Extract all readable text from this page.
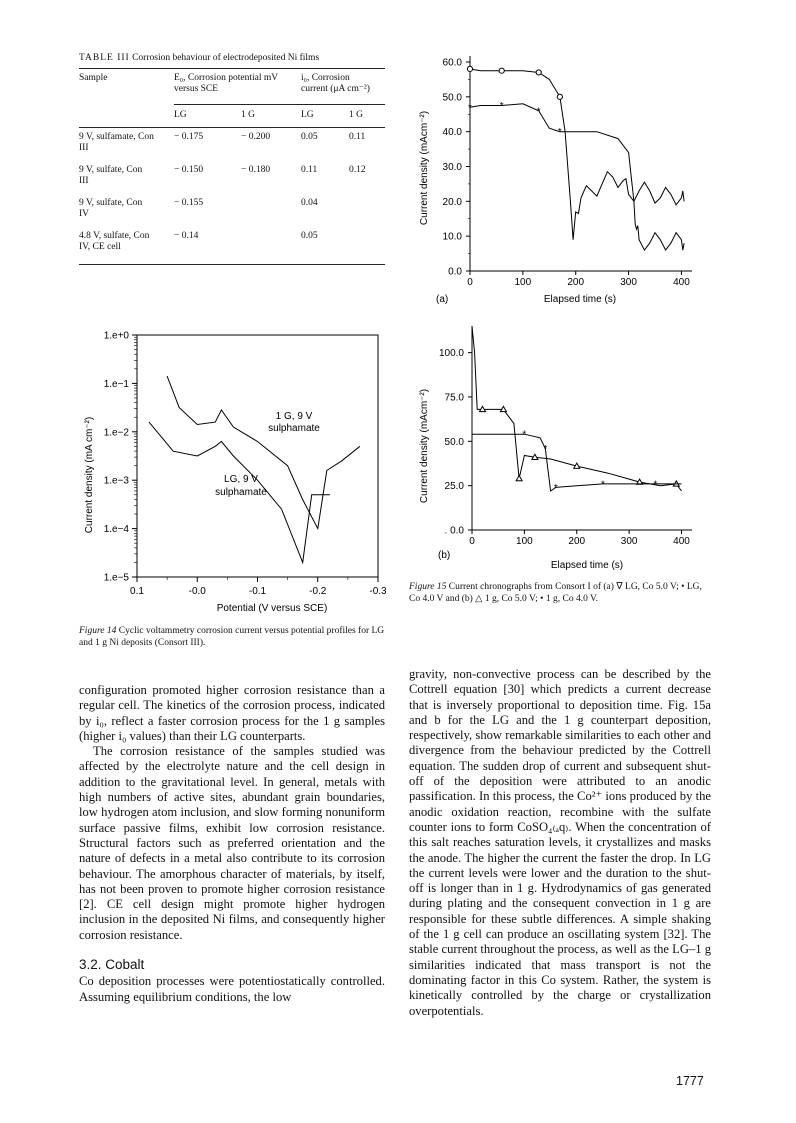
TABLE III Corrosion behaviour of electrodeposited Ni films
Sample	E₀, Corrosion potential mV versus SCE		i₀, Corrosion current (μA cm⁻²)	

	LG	1 G	LG	1 G

9 V, sulfamate, Con III	− 0.175	− 0.200	0.05	0.11
9 V, sulfate, Con III	− 0.150	− 0.180	0.11	0.12
9 V, sulfate, Con IV	− 0.155		0.04	
4.8 V, sulfate, Con IV, CE cell	− 0.14		0.05	

1.e+0
1.e−1
1.e−2
1.e−3
1.e−4
1.e−5
0.1	-0.0	-0.1	-0.2	-0.3
Current density (mA cm⁻²)
Potential (V versus SCE)
1 G, 9 V
sulphamate
LG, 9 V
sulphamate
Figure 14 Cyclic voltammetry corrosion current versus potential profiles for LG and 1 g Ni deposits (Consort III).
0.0
10.0
20.0
30.0
40.0
50.0
60.0
0	100	200	300	400
*	*	*
*
Current density (mAcm⁻²)
Elapsed time (s)
(a)
. 0.0
25.0
50.0
75.0
100.0
0	100	200	300	400
*
*
*	*	*
Current density (mAcm⁻²)
Elapsed time (s)
(b)
Figure 15 Current chronographs from Consort I of (a) ∇ LG, Co 5.0 V; • LG, Co 4.0 V and (b) △ 1 g, Co 5.0 V; • 1 g, Co 4.0 V.

configuration promoted higher corrosion resistance than a regular cell. The kinetics of the corrosion process, indicated by i₀, reflect a faster corrosion process for the 1 g samples (higher i₀ values) than their LG counterparts.

The corrosion resistance of the samples studied was affected by the electrolyte nature and the cell design in addition to the gravitational level. In general, metals with high numbers of active sites, abundant grain boundaries, low hydrogen atom inclusion, and slow forming nonuniform surface passive films, exhibit low corrosion resistance. Structural factors such as preferred orientation and the nature of defects in a metal also contribute to its corrosion behaviour. The amorphous character of materials, by itself, has not been proven to promote higher corrosion resistance [2]. CE cell design might promote higher hydrogen inclusion in the deposited Ni films, and consequently higher corrosion resistance.

3.2. Cobalt

Co deposition processes were potentiostatically controlled. Assuming equilibrium conditions, the low

gravity, non-convective process can be described by the Cottrell equation [30] which predicts a current decrease that is inversely proportional to deposition time. Fig. 15a and b for the LG and the 1 g counterpart deposition, respectively, show remarkable similarities to each other and divergence from the behaviour predicted by the Cottrell equation. The sudden drop of current and subsequent shut-off of the deposition were attributed to an anodic passification. In this process, the Co²⁺ ions produced by the anodic oxidation reaction, recombine with the sulfate counter ions to form CoSO₄₍ₐq₎. When the concentration of this salt reaches saturation levels, it crystallizes and masks the anode. The higher the current the faster the drop. In LG the current levels were lower and the duration to the shut-off is longer than in 1 g. Hydrodynamics of gas generated during plating and the consequent convection in 1 g are responsible for these subtle differences. A simple shaking of the 1 g cell can produce an oscillating system [32]. The stable current throughout the process, as well as the LG–1 g similarities indicated that mass transport is not the dominating factor in this Co system. Rather, the system is kinetically controlled by the charge or crystallization overpotentials.

1777
